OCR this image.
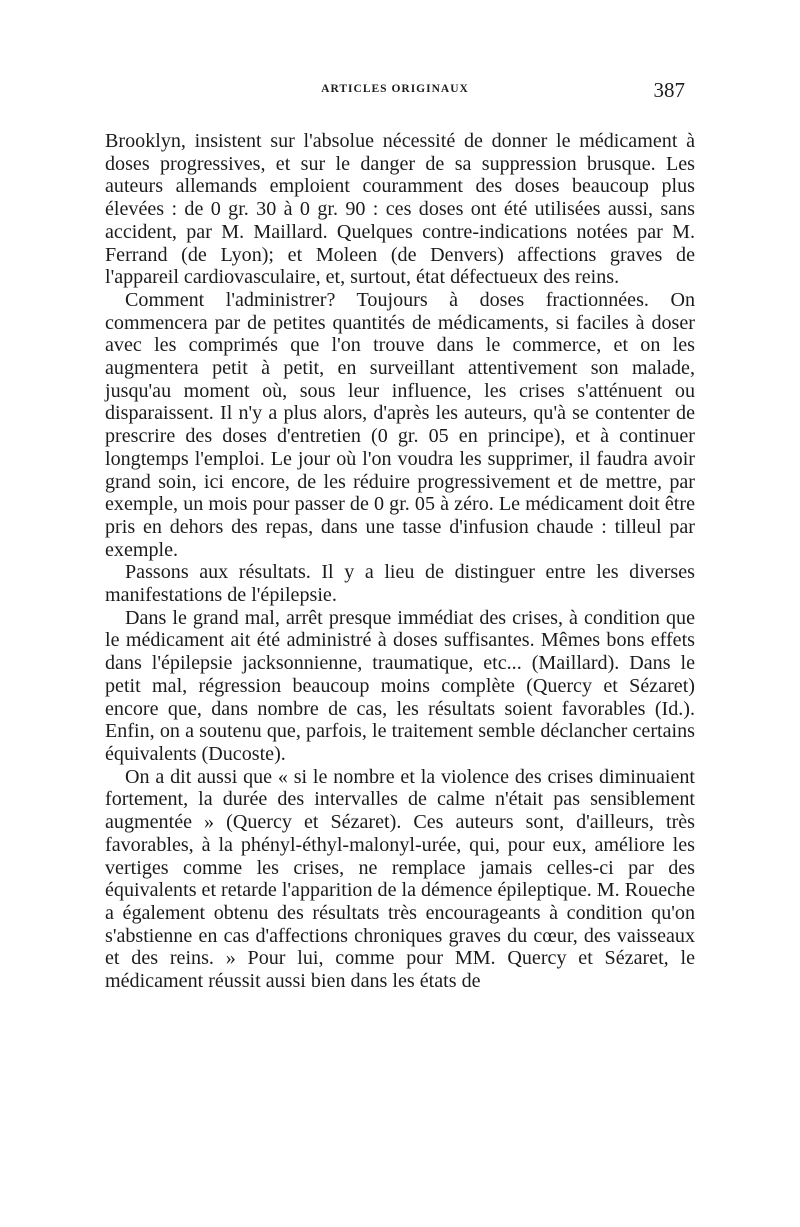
ARTICLES ORIGINAUX	387

Brooklyn, insistent sur l'absolue nécessité de donner le médicament à doses progressives, et sur le danger de sa suppression brusque. Les auteurs allemands emploient couramment des doses beaucoup plus élevées : de 0 gr. 30 à 0 gr. 90 : ces doses ont été utilisées aussi, sans accident, par M. Maillard. Quelques contre-indications notées par M. Ferrand (de Lyon); et Moleen (de Denvers) affections graves de l'appareil cardiovasculaire, et, surtout, état défectueux des reins.

Comment l'administrer? Toujours à doses fractionnées. On commencera par de petites quantités de médicaments, si faciles à doser avec les comprimés que l'on trouve dans le commerce, et on les augmentera petit à petit, en surveillant attentivement son malade, jusqu'au moment où, sous leur influence, les crises s'atténuent ou disparaissent. Il n'y a plus alors, d'après les auteurs, qu'à se contenter de prescrire des doses d'entretien (0 gr. 05 en principe), et à continuer longtemps l'emploi. Le jour où l'on voudra les supprimer, il faudra avoir grand soin, ici encore, de les réduire progressivement et de mettre, par exemple, un mois pour passer de 0 gr. 05 à zéro. Le médicament doit être pris en dehors des repas, dans une tasse d'infusion chaude : tilleul par exemple.

Passons aux résultats. Il y a lieu de distinguer entre les diverses manifestations de l'épilepsie.

Dans le grand mal, arrêt presque immédiat des crises, à condition que le médicament ait été administré à doses suffisantes. Mêmes bons effets dans l'épilepsie jacksonnienne, traumatique, etc... (Maillard). Dans le petit mal, régression beaucoup moins complète (Quercy et Sézaret) encore que, dans nombre de cas, les résultats soient favorables (Id.). Enfin, on a soutenu que, parfois, le traitement semble déclancher certains équivalents (Ducoste).

On a dit aussi que « si le nombre et la violence des crises diminuaient fortement, la durée des intervalles de calme n'était pas sensiblement augmentée » (Quercy et Sézaret). Ces auteurs sont, d'ailleurs, très favorables, à la phényl-éthyl-malonyl-urée, qui, pour eux, améliore les vertiges comme les crises, ne remplace jamais celles-ci par des équivalents et retarde l'apparition de la démence épileptique. M. Roueche a également obtenu des résultats très encourageants à condition qu'on s'abstienne en cas d'affections chroniques graves du cœur, des vaisseaux et des reins. » Pour lui, comme pour MM. Quercy et Sézaret, le médicament réussit aussi bien dans les états de
